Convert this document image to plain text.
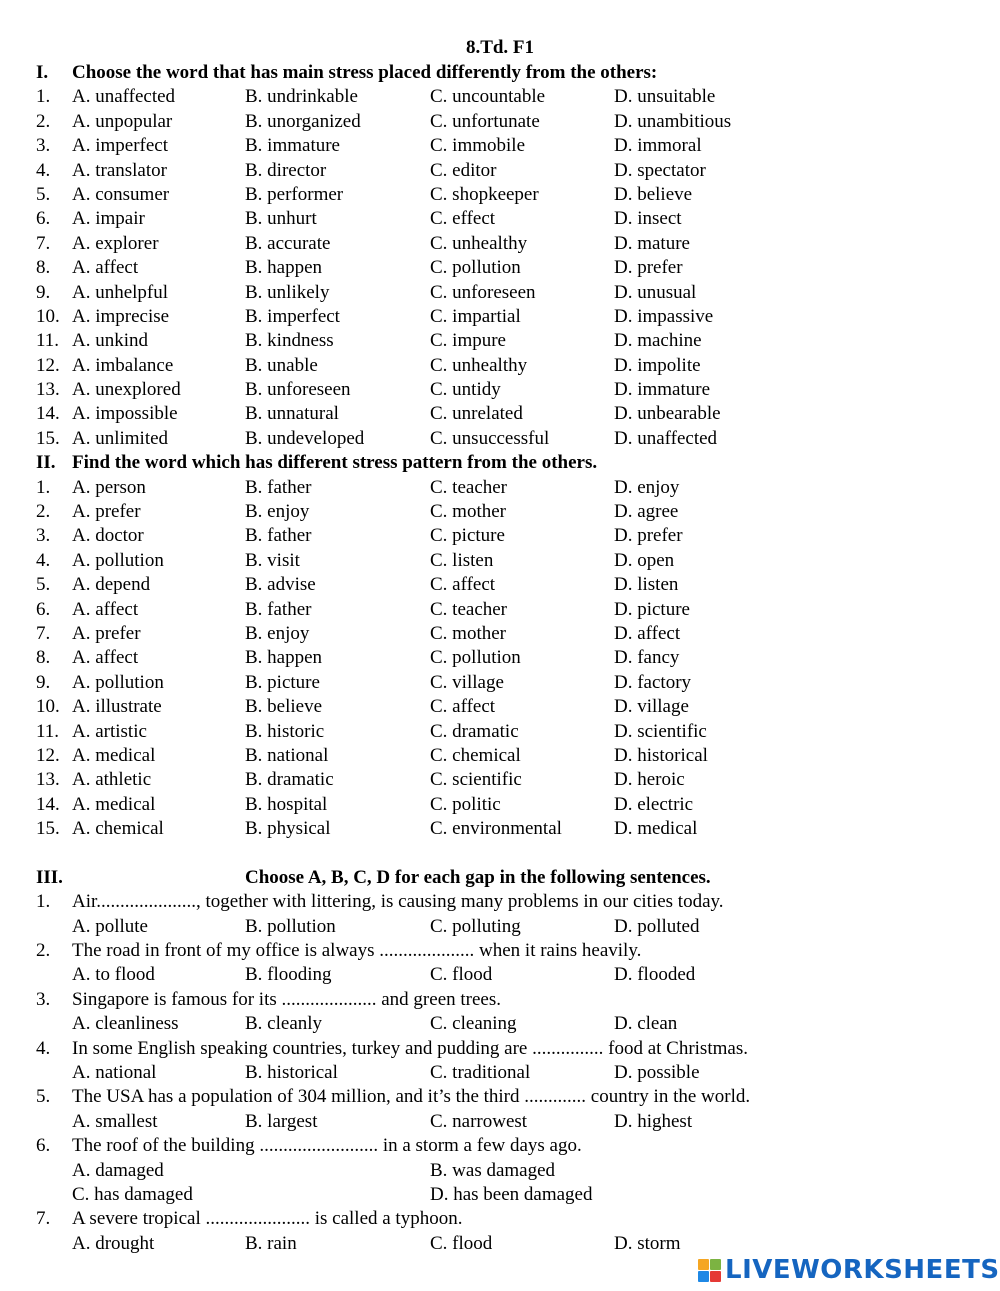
8.Td. F1
I.	Choose the word that has main stress placed differently from the others:
1.	A. unaffected	B. undrinkable	C. uncountable	D. unsuitable
2.	A. unpopular	B. unorganized	C. unfortunate	D. unambitious
3.	A. imperfect	B. immature	C. immobile	D. immoral
4.	A. translator	B. director	C. editor	D. spectator
5.	A. consumer	B. performer	C. shopkeeper	D. believe
6.	A. impair	B. unhurt	C. effect	D. insect
7.	A. explorer	B. accurate	C. unhealthy	D. mature
8.	A. affect	B. happen	C. pollution	D. prefer
9.	A. unhelpful	B. unlikely	C. unforeseen	D. unusual
10. A. imprecise	B. imperfect	C. impartial	D. impassive
11. A. unkind	B. kindness	C. impure	D. machine
12. A. imbalance	B. unable	C. unhealthy	D. impolite
13. A. unexplored	B. unforeseen	C. untidy	D. immature
14. A. impossible	B. unnatural	C. unrelated	D. unbearable
15. A. unlimited	B. undeveloped	C. unsuccessful	D. unaffected
II. Find the word which has different stress pattern from the others.
1.	A. person	B. father	C. teacher	D. enjoy
2.	A. prefer	B. enjoy	C. mother	D. agree
3.	A. doctor	B. father	C. picture	D. prefer
4.	A. pollution	B. visit	C. listen	D. open
5.	A. depend	B. advise	C. affect	D. listen
6.	A. affect	B. father	C. teacher	D. picture
7.	A. prefer	B. enjoy	C. mother	D. affect
8.	A. affect	B. happen	C. pollution	D. fancy
9.	A. pollution	B. picture	C. village	D. factory
10. A. illustrate	B. believe	C. affect	D. village
11. A. artistic	B. historic	C. dramatic	D. scientific
12. A. medical	B. national	C. chemical	D. historical
13. A. athletic	B. dramatic	C. scientific	D. heroic
14. A. medical	B. hospital	C. politic	D. electric
15. A. chemical	B. physical	C. environmental	D. medical
III.	Choose A, B, C, D for each gap in the following sentences.
1.	Air....................., together with littering, is causing many problems in our cities today.
A. pollute	B. pollution	C. polluting	D. polluted
2.	The road in front of my office is always .................... when it rains heavily.
A. to flood	B. flooding	C. flood	D. flooded
3.	Singapore is famous for its .................... and green trees.
A. cleanliness	B. cleanly	C. cleaning	D. clean
4.	In some English speaking countries, turkey and pudding are ............... food at Christmas.
A. national	B. historical	C. traditional	D. possible
5.	The USA has a population of 304 million, and it’s the third ............. country in the world.
A. smallest	B. largest	C. narrowest	D. highest
6.	The roof of the building ......................... in a storm a few days ago.
A. damaged	B. was damaged
C. has damaged	D. has been damaged
7.	A severe tropical ...................... is called a typhoon.
A. drought	B. rain	C. flood	D. storm
LIVEWORKSHEETS
